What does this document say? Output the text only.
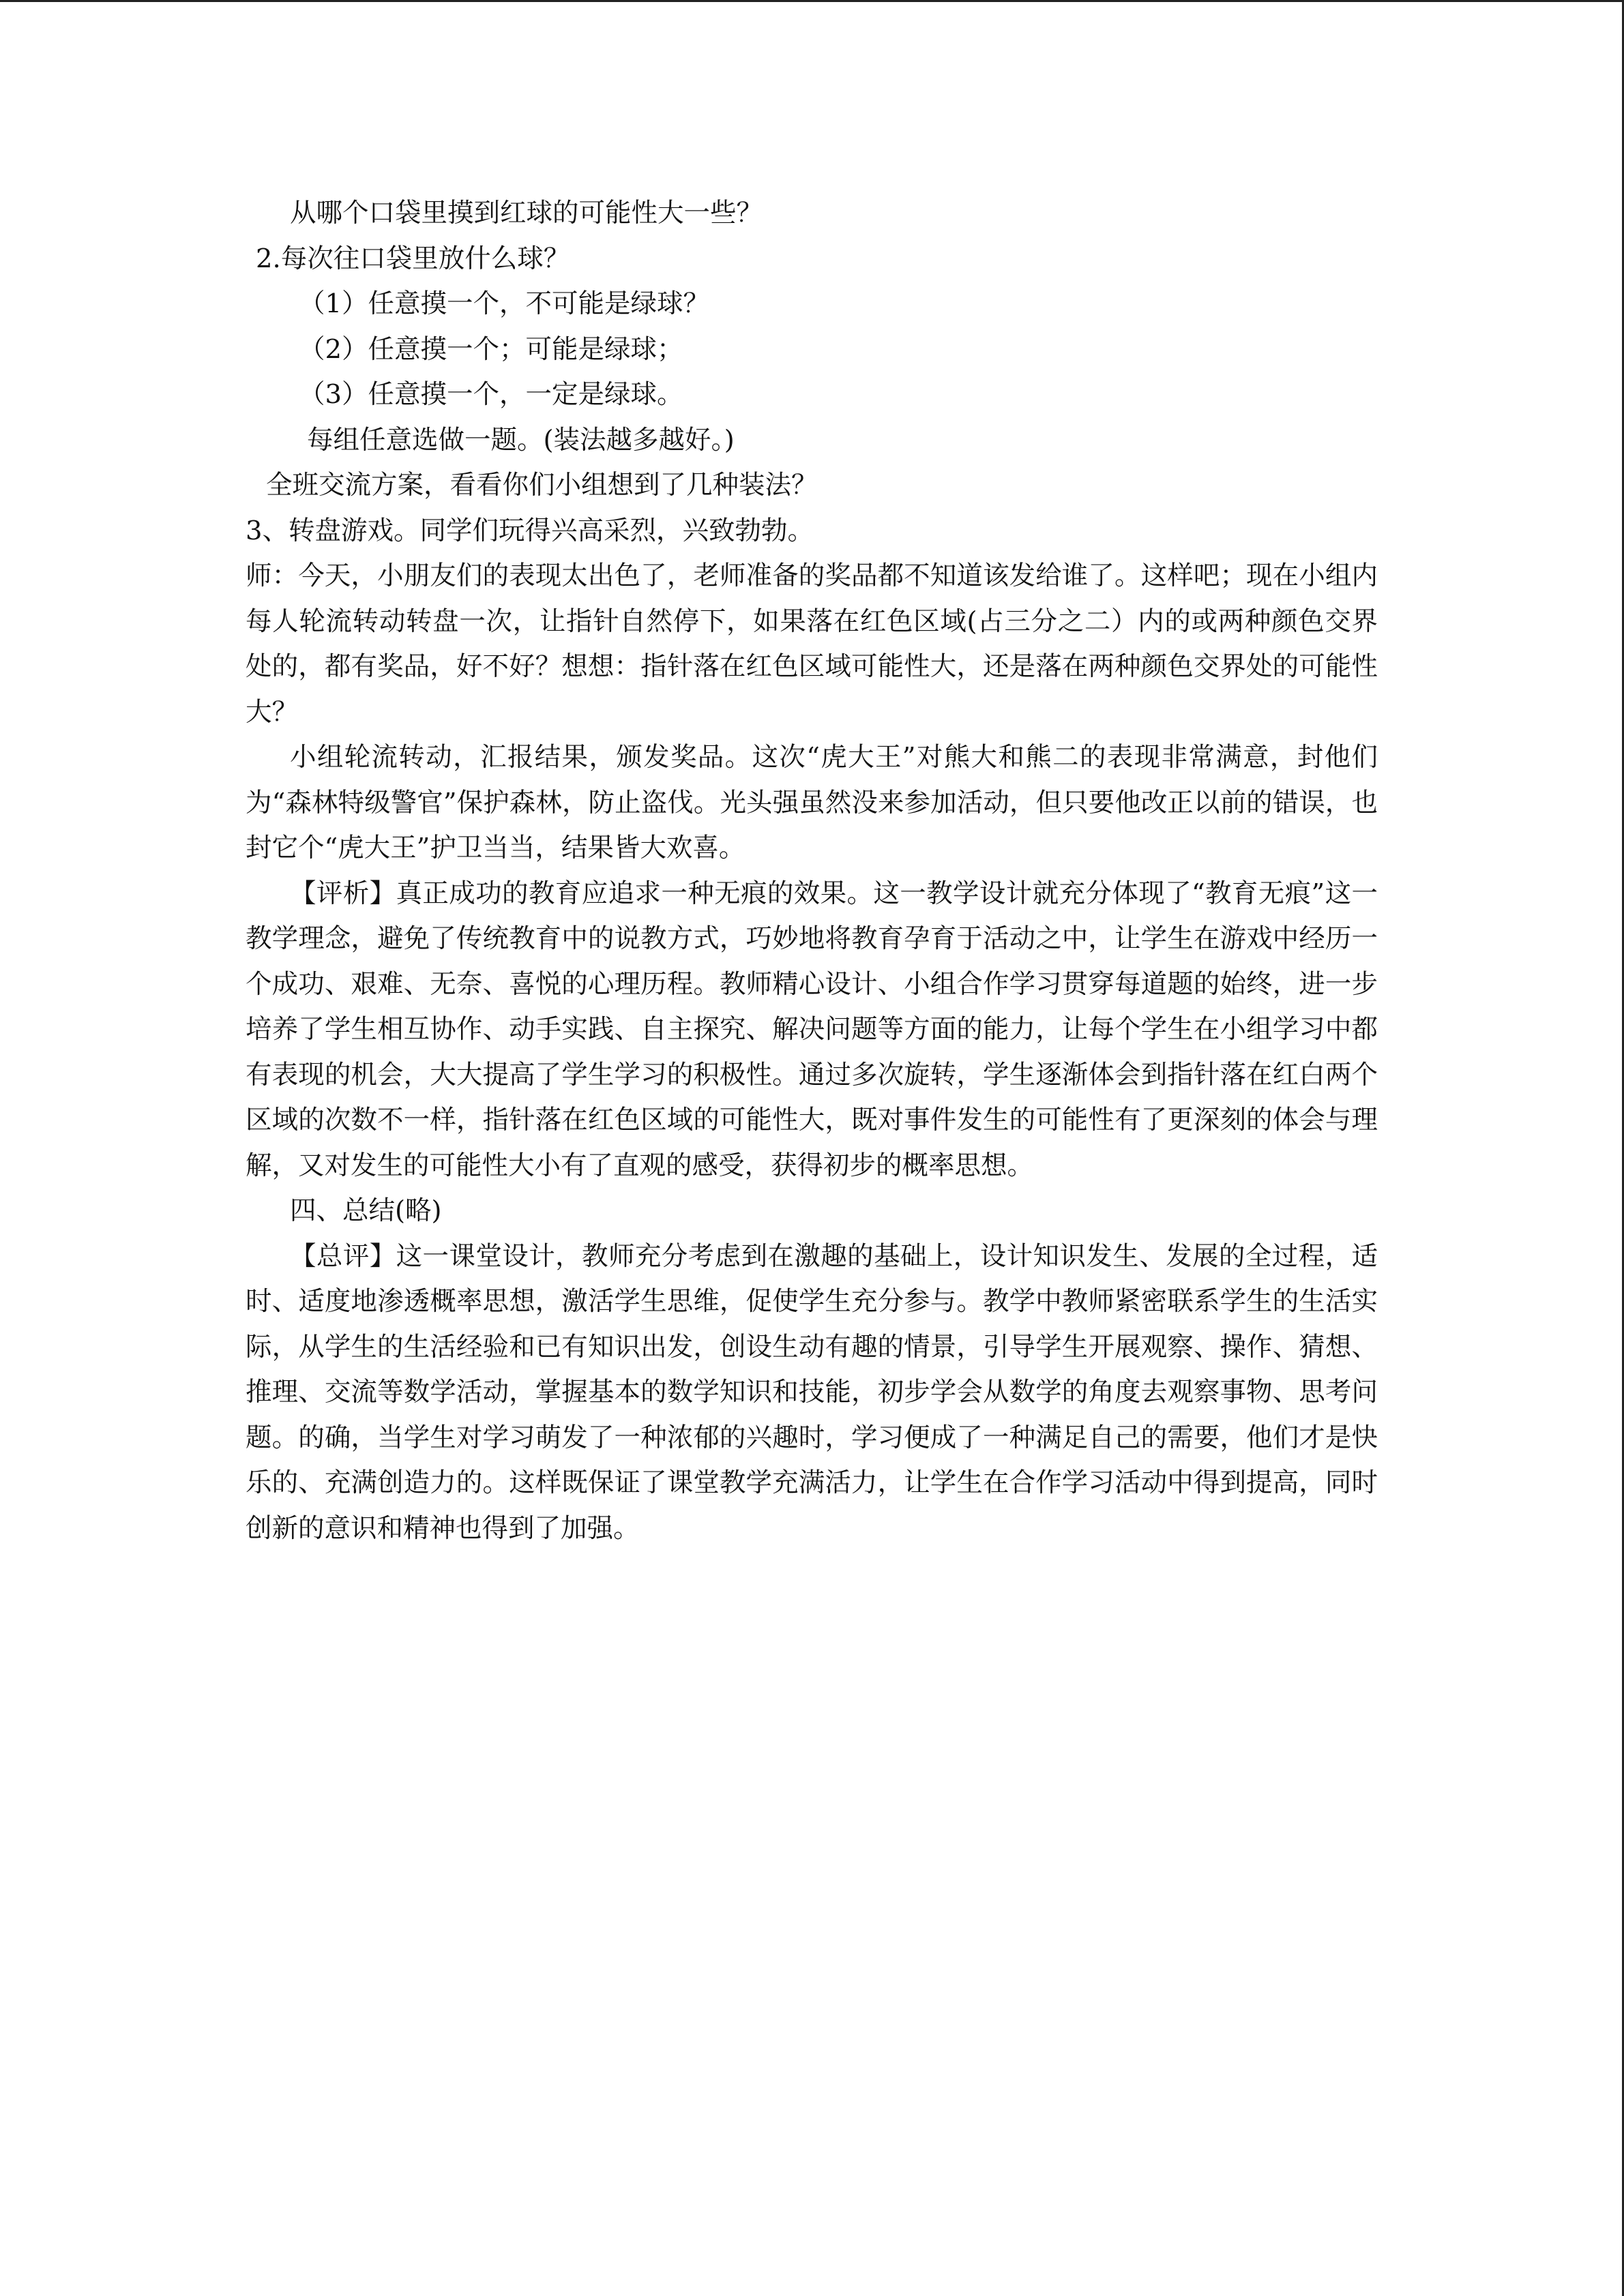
从哪个口袋里摸到红球的可能性大一些？

2.每次往口袋里放什么球？

（1）任意摸一个，不可能是绿球？

（2）任意摸一个；可能是绿球；

（3）任意摸一个，一定是绿球。

每组任意选做一题。(装法越多越好。)

全班交流方案，看看你们小组想到了几种装法？

3、转盘游戏。同学们玩得兴高采烈，兴致勃勃。

师：今天，小朋友们的表现太出色了，老师准备的奖品都不知道该发给谁了。这样吧；现在小组内每人轮流转动转盘一次，让指针自然停下，如果落在红色区域(占三分之二）内的或两种颜色交界处的，都有奖品，好不好？想想：指针落在红色区域可能性大，还是落在两种颜色交界处的可能性大？

小组轮流转动，汇报结果，颁发奖品。这次“虎大王”对熊大和熊二的表现非常满意，封他们为“森林特级警官”保护森林，防止盗伐。光头强虽然没来参加活动，但只要他改正以前的错误，也封它个“虎大王”护卫当当，结果皆大欢喜。

【评析】真正成功的教育应追求一种无痕的效果。这一教学设计就充分体现了“教育无痕”这一教学理念，避免了传统教育中的说教方式，巧妙地将教育孕育于活动之中，让学生在游戏中经历一个成功、艰难、无奈、喜悦的心理历程。教师精心设计、小组合作学习贯穿每道题的始终，进一步培养了学生相互协作、动手实践、自主探究、解决问题等方面的能力，让每个学生在小组学习中都有表现的机会，大大提高了学生学习的积极性。通过多次旋转，学生逐渐体会到指针落在红白两个区域的次数不一样，指针落在红色区域的可能性大，既对事件发生的可能性有了更深刻的体会与理解，又对发生的可能性大小有了直观的感受，获得初步的概率思想。

四、总结(略)

【总评】这一课堂设计，教师充分考虑到在激趣的基础上，设计知识发生、发展的全过程，适时、适度地渗透概率思想，激活学生思维，促使学生充分参与。教学中教师紧密联系学生的生活实际，从学生的生活经验和已有知识出发，创设生动有趣的情景，引导学生开展观察、操作、猜想、推理、交流等数学活动，掌握基本的数学知识和技能，初步学会从数学的角度去观察事物、思考问题。的确，当学生对学习萌发了一种浓郁的兴趣时，学习便成了一种满足自己的需要，他们才是快乐的、充满创造力的。这样既保证了课堂教学充满活力，让学生在合作学习活动中得到提高，同时创新的意识和精神也得到了加强。
